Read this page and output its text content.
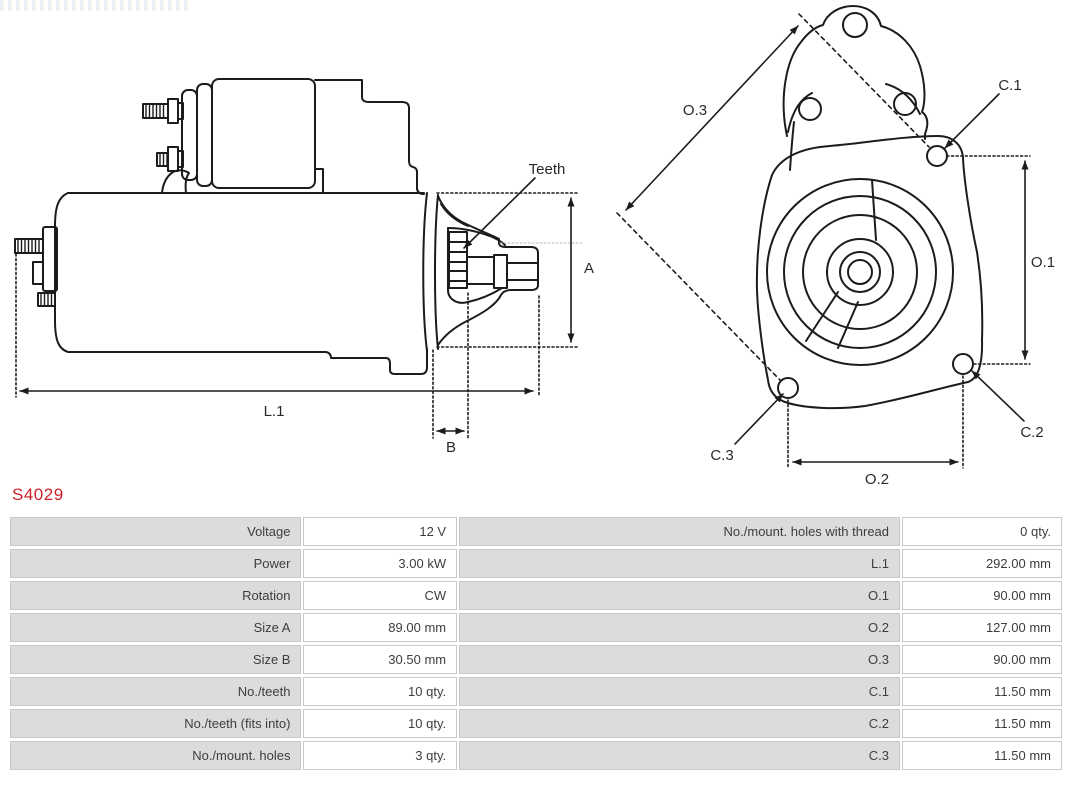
L.1
A
B
Teeth
O.3
O.1
O.2
C.1
C.2
C.3
S4029
Voltage	12 V	No./mount. holes with thread	0 qty.
Power	3.00 kW	L.1	292.00 mm
Rotation	CW	O.1	90.00 mm
Size A	89.00 mm	O.2	127.00 mm
Size B	30.50 mm	O.3	90.00 mm
No./teeth	10 qty.	C.1	11.50 mm
No./teeth (fits into)	10 qty.	C.2	11.50 mm
No./mount. holes	3 qty.	C.3	11.50 mm
